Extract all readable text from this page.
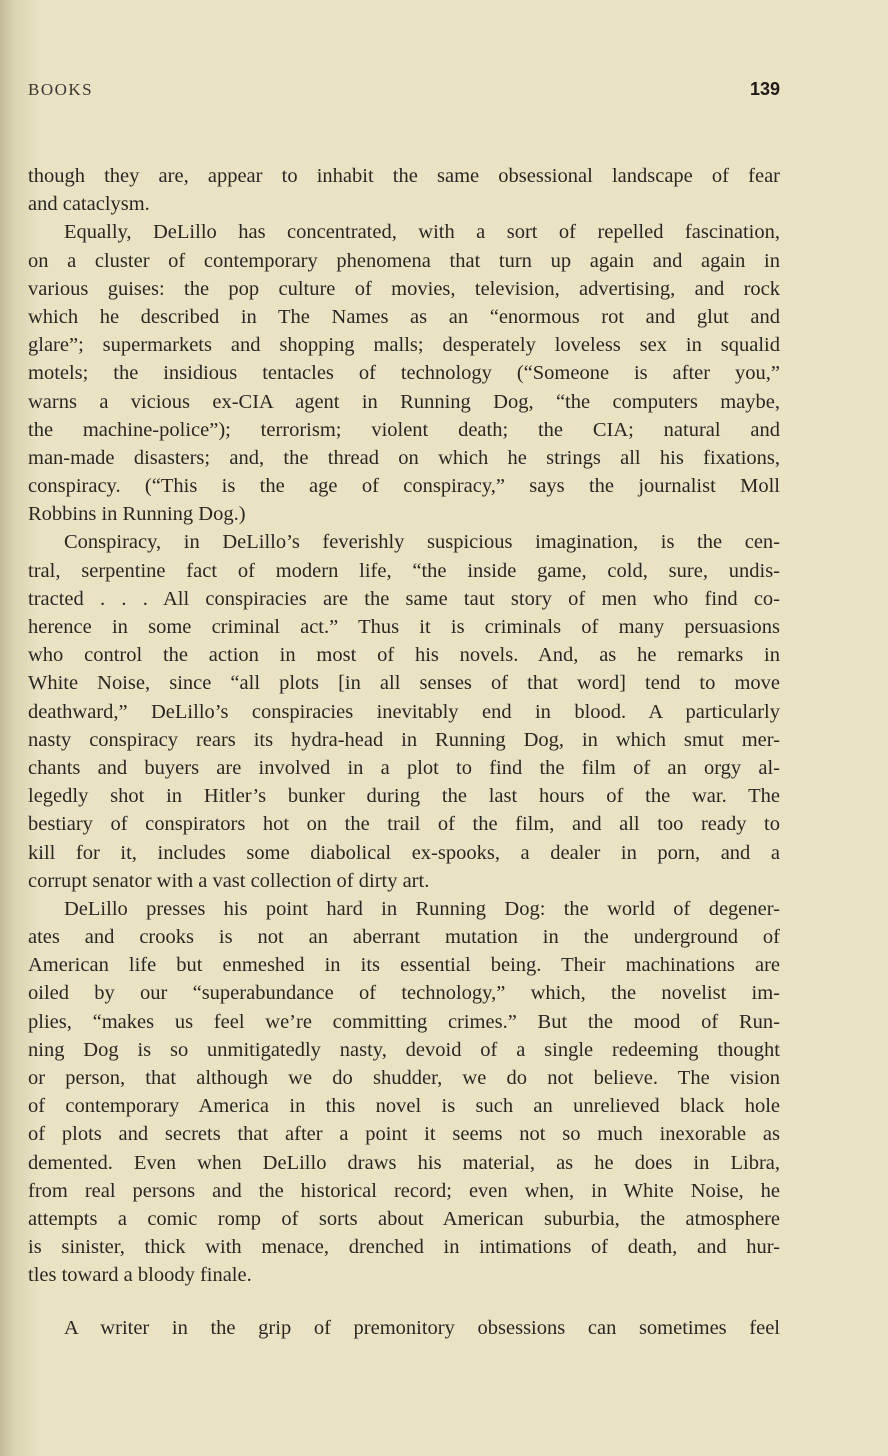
BOOKS	139
though they are, appear to inhabit the same obsessional landscape of fear
and cataclysm.
Equally, DeLillo has concentrated, with a sort of repelled fascination,
on a cluster of contemporary phenomena that turn up again and again in
various guises: the pop culture of movies, television, advertising, and rock
which he described in The Names as an “enormous rot and glut and
glare”; supermarkets and shopping malls; desperately loveless sex in squalid
motels; the insidious tentacles of technology (“Someone is after you,”
warns a vicious ex-CIA agent in Running Dog, “the computers maybe,
the machine-police”); terrorism; violent death; the CIA; natural and
man-made disasters; and, the thread on which he strings all his fixations,
conspiracy. (“This is the age of conspiracy,” says the journalist Moll
Robbins in Running Dog.)
Conspiracy, in DeLillo’s feverishly suspicious imagination, is the cen-
tral, serpentine fact of modern life, “the inside game, cold, sure, undis-
tracted . . . All conspiracies are the same taut story of men who find co-
herence in some criminal act.” Thus it is criminals of many persuasions
who control the action in most of his novels. And, as he remarks in
White Noise, since “all plots [in all senses of that word] tend to move
deathward,” DeLillo’s conspiracies inevitably end in blood. A particularly
nasty conspiracy rears its hydra-head in Running Dog, in which smut mer-
chants and buyers are involved in a plot to find the film of an orgy al-
legedly shot in Hitler’s bunker during the last hours of the war. The
bestiary of conspirators hot on the trail of the film, and all too ready to
kill for it, includes some diabolical ex-spooks, a dealer in porn, and a
corrupt senator with a vast collection of dirty art.
DeLillo presses his point hard in Running Dog: the world of degener-
ates and crooks is not an aberrant mutation in the underground of
American life but enmeshed in its essential being. Their machinations are
oiled by our “superabundance of technology,” which, the novelist im-
plies, “makes us feel we’re committing crimes.” But the mood of Run-
ning Dog is so unmitigatedly nasty, devoid of a single redeeming thought
or person, that although we do shudder, we do not believe. The vision
of contemporary America in this novel is such an unrelieved black hole
of plots and secrets that after a point it seems not so much inexorable as
demented. Even when DeLillo draws his material, as he does in Libra,
from real persons and the historical record; even when, in White Noise, he
attempts a comic romp of sorts about American suburbia, the atmosphere
is sinister, thick with menace, drenched in intimations of death, and hur-
tles toward a bloody finale.
A writer in the grip of premonitory obsessions can sometimes feel
